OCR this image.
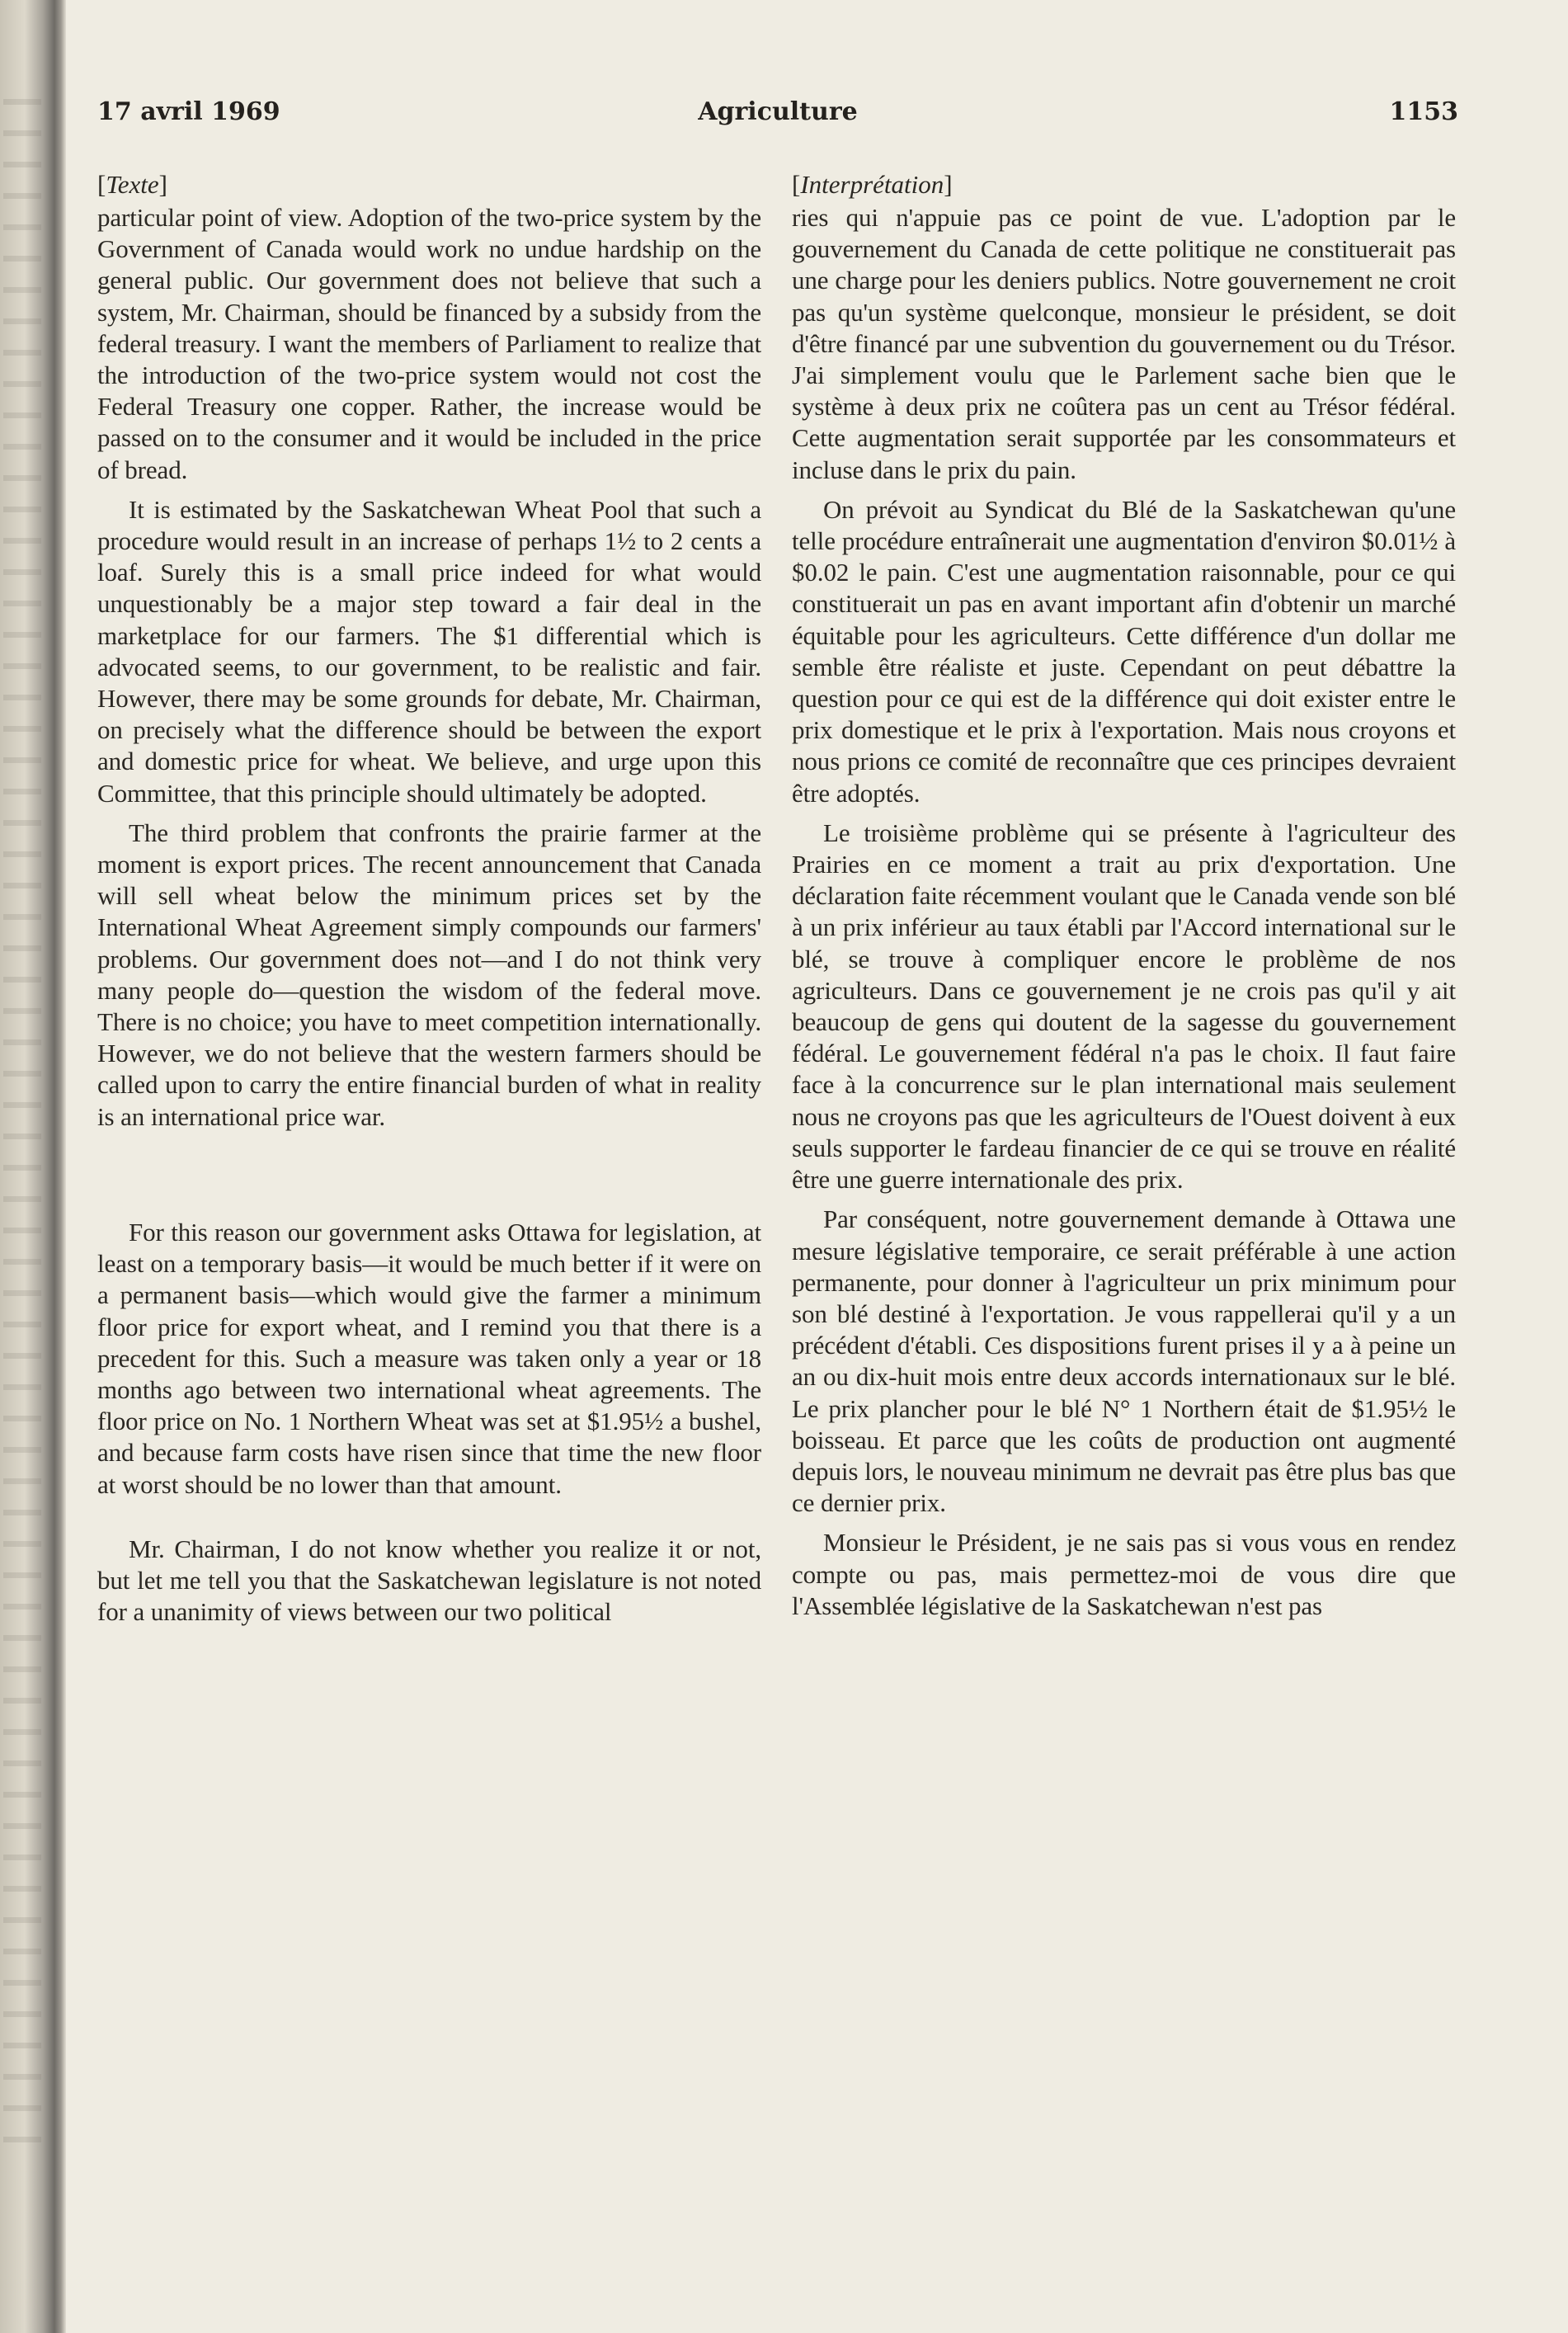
17 avril 1969	Agriculture	1153
[Texte]

particular point of view. Adoption of the two-price system by the Government of Canada would work no undue hardship on the general public. Our government does not believe that such a system, Mr. Chairman, should be financed by a subsidy from the federal treasury. I want the members of Parliament to realize that the introduction of the two-price system would not cost the Federal Treasury one copper. Rather, the increase would be passed on to the consumer and it would be included in the price of bread.

It is estimated by the Saskatchewan Wheat Pool that such a procedure would result in an increase of perhaps 1½ to 2 cents a loaf. Surely this is a small price indeed for what would unquestionably be a major step toward a fair deal in the marketplace for our farmers. The $1 differential which is advocated seems, to our government, to be realistic and fair. However, there may be some grounds for debate, Mr. Chairman, on precisely what the difference should be between the export and domestic price for wheat. We believe, and urge upon this Committee, that this principle should ultimately be adopted.

The third problem that confronts the prairie farmer at the moment is export prices. The recent announcement that Canada will sell wheat below the minimum prices set by the International Wheat Agreement simply compounds our farmers' problems. Our government does not—and I do not think very many people do—question the wisdom of the federal move. There is no choice; you have to meet competition internationally. However, we do not believe that the western farmers should be called upon to carry the entire financial burden of what in reality is an international price war.

For this reason our government asks Ottawa for legislation, at least on a temporary basis—it would be much better if it were on a permanent basis—which would give the farmer a minimum floor price for export wheat, and I remind you that there is a precedent for this. Such a measure was taken only a year or 18 months ago between two international wheat agreements. The floor price on No. 1 Northern Wheat was set at $1.95½ a bushel, and because farm costs have risen since that time the new floor at worst should be no lower than that amount.

Mr. Chairman, I do not know whether you realize it or not, but let me tell you that the Saskatchewan legislature is not noted for a unanimity of views between our two political

[Interprétation]

ries qui n'appuie pas ce point de vue. L'adoption par le gouvernement du Canada de cette politique ne constituerait pas une charge pour les deniers publics. Notre gouvernement ne croit pas qu'un système quelconque, monsieur le président, se doit d'être financé par une subvention du gouvernement ou du Trésor. J'ai simplement voulu que le Parlement sache bien que le système à deux prix ne coûtera pas un cent au Trésor fédéral. Cette augmentation serait supportée par les consommateurs et incluse dans le prix du pain.

On prévoit au Syndicat du Blé de la Saskatchewan qu'une telle procédure entraînerait une augmentation d'environ $0.01½ à $0.02 le pain. C'est une augmentation raisonnable, pour ce qui constituerait un pas en avant important afin d'obtenir un marché équitable pour les agriculteurs. Cette différence d'un dollar me semble être réaliste et juste. Cependant on peut débattre la question pour ce qui est de la différence qui doit exister entre le prix domestique et le prix à l'exportation. Mais nous croyons et nous prions ce comité de reconnaître que ces principes devraient être adoptés.

Le troisième problème qui se présente à l'agriculteur des Prairies en ce moment a trait au prix d'exportation. Une déclaration faite récemment voulant que le Canada vende son blé à un prix inférieur au taux établi par l'Accord international sur le blé, se trouve à compliquer encore le problème de nos agriculteurs. Dans ce gouvernement je ne crois pas qu'il y ait beaucoup de gens qui doutent de la sagesse du gouvernement fédéral. Le gouvernement fédéral n'a pas le choix. Il faut faire face à la concurrence sur le plan international mais seulement nous ne croyons pas que les agriculteurs de l'Ouest doivent à eux seuls supporter le fardeau financier de ce qui se trouve en réalité être une guerre internationale des prix.

Par conséquent, notre gouvernement demande à Ottawa une mesure législative temporaire, ce serait préférable à une action permanente, pour donner à l'agriculteur un prix minimum pour son blé destiné à l'exportation. Je vous rappellerai qu'il y a un précédent d'établi. Ces dispositions furent prises il y a à peine un an ou dix-huit mois entre deux accords internationaux sur le blé. Le prix plancher pour le blé N° 1 Northern était de $1.95½ le boisseau. Et parce que les coûts de production ont augmenté depuis lors, le nouveau minimum ne devrait pas être plus bas que ce dernier prix.

Monsieur le Président, je ne sais pas si vous vous en rendez compte ou pas, mais permettez-moi de vous dire que l'Assemblée législative de la Saskatchewan n'est pas
